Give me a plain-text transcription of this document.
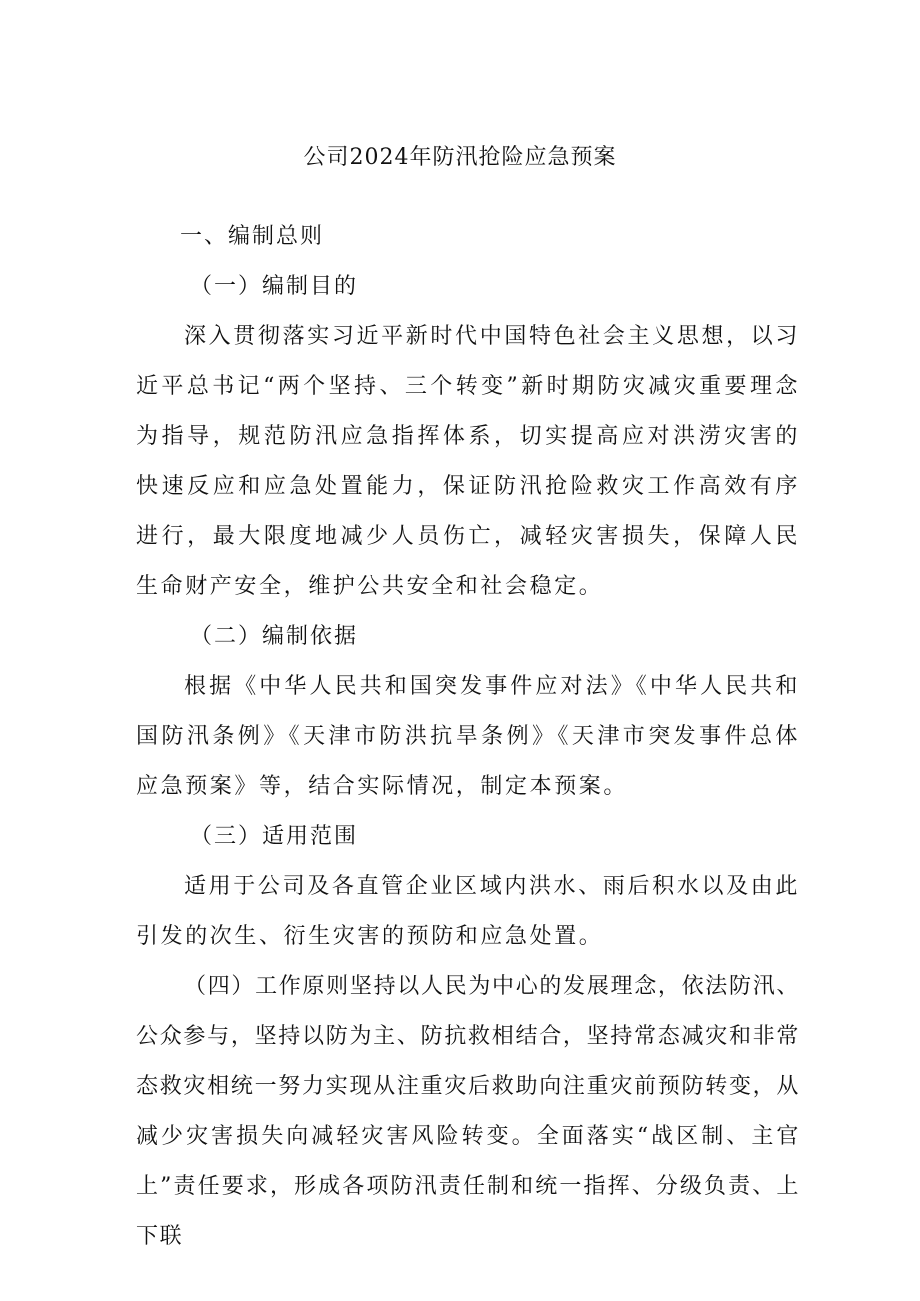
公司2024年防汛抢险应急预案

一、编制总则

（一）编制目的

深入贯彻落实习近平新时代中国特色社会主义思想，以习近平总书记“两个坚持、三个转变”新时期防灾减灾重要理念为指导，规范防汛应急指挥体系，切实提高应对洪涝灾害的快速反应和应急处置能力，保证防汛抢险救灾工作高效有序进行，最大限度地减少人员伤亡，减轻灾害损失，保障人民生命财产安全，维护公共安全和社会稳定。

（二）编制依据

根据《中华人民共和国突发事件应对法》《中华人民共和国防汛条例》《天津市防洪抗旱条例》《天津市突发事件总体应急预案》等，结合实际情况，制定本预案。

（三）适用范围

适用于公司及各直管企业区域内洪水、雨后积水以及由此引发的次生、衍生灾害的预防和应急处置。

（四）工作原则坚持以人民为中心的发展理念，依法防汛、公众参与，坚持以防为主、防抗救相结合，坚持常态减灾和非常态救灾相统一努力实现从注重灾后救助向注重灾前预防转变，从减少灾害损失向减轻灾害风险转变。全面落实“战区制、主官上”责任要求，形成各项防汛责任制和统一指挥、分级负责、上下联
